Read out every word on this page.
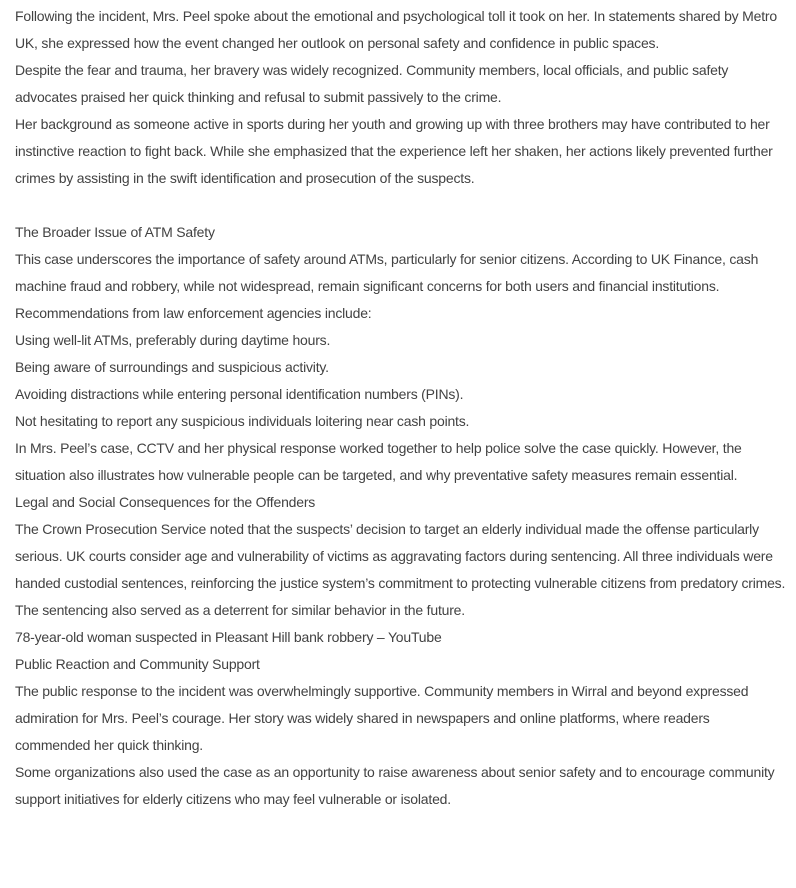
Following the incident, Mrs. Peel spoke about the emotional and psychological toll it took on her. In statements shared by Metro UK, she expressed how the event changed her outlook on personal safety and confidence in public spaces.

Despite the fear and trauma, her bravery was widely recognized. Community members, local officials, and public safety advocates praised her quick thinking and refusal to submit passively to the crime.

Her background as someone active in sports during her youth and growing up with three brothers may have contributed to her instinctive reaction to fight back. While she emphasized that the experience left her shaken, her actions likely prevented further crimes by assisting in the swift identification and prosecution of the suspects.

The Broader Issue of ATM Safety

This case underscores the importance of safety around ATMs, particularly for senior citizens. According to UK Finance, cash machine fraud and robbery, while not widespread, remain significant concerns for both users and financial institutions. Recommendations from law enforcement agencies include:

Using well-lit ATMs, preferably during daytime hours.

Being aware of surroundings and suspicious activity.

Avoiding distractions while entering personal identification numbers (PINs).

Not hesitating to report any suspicious individuals loitering near cash points.

In Mrs. Peel’s case, CCTV and her physical response worked together to help police solve the case quickly. However, the situation also illustrates how vulnerable people can be targeted, and why preventative safety measures remain essential.

Legal and Social Consequences for the Offenders

The Crown Prosecution Service noted that the suspects’ decision to target an elderly individual made the offense particularly serious. UK courts consider age and vulnerability of victims as aggravating factors during sentencing. All three individuals were handed custodial sentences, reinforcing the justice system’s commitment to protecting vulnerable citizens from predatory crimes. The sentencing also served as a deterrent for similar behavior in the future.

78-year-old woman suspected in Pleasant Hill bank robbery – YouTube

Public Reaction and Community Support

The public response to the incident was overwhelmingly supportive. Community members in Wirral and beyond expressed admiration for Mrs. Peel’s courage. Her story was widely shared in newspapers and online platforms, where readers commended her quick thinking.

Some organizations also used the case as an opportunity to raise awareness about senior safety and to encourage community support initiatives for elderly citizens who may feel vulnerable or isolated.
